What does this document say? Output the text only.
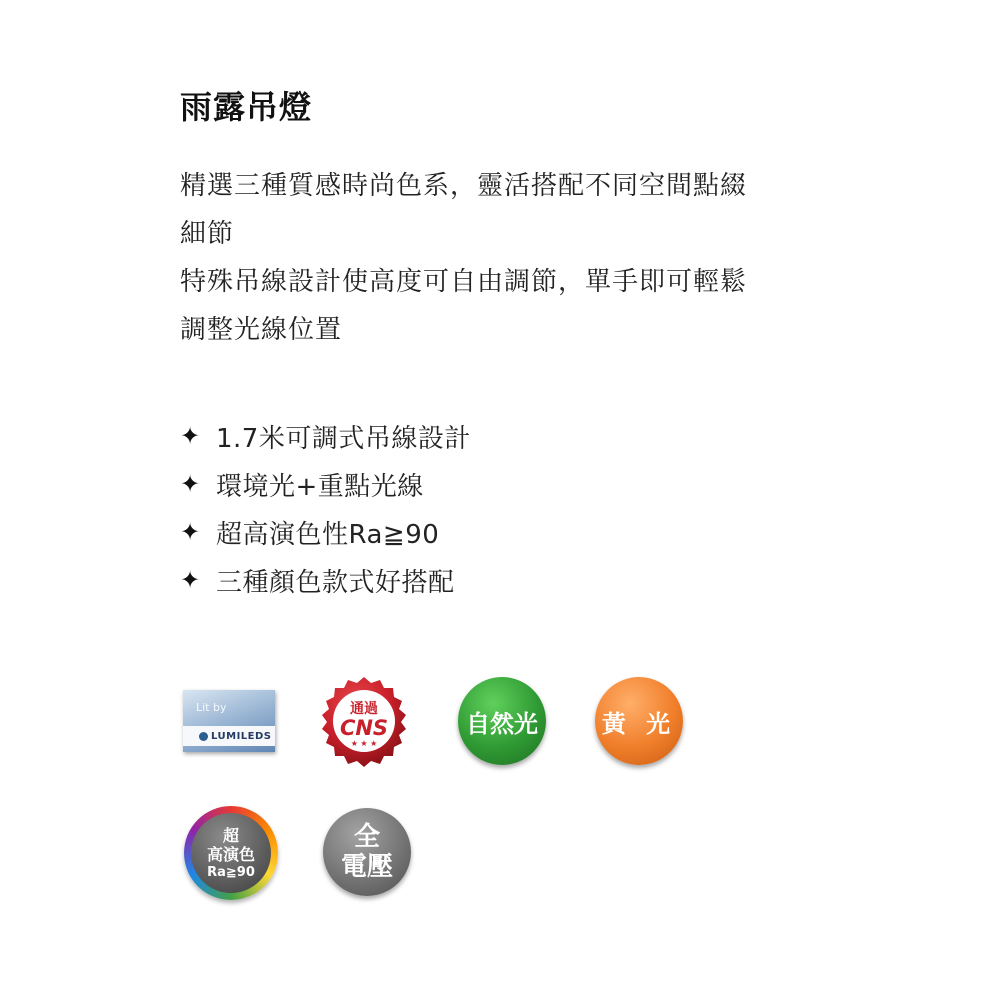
雨露吊燈

精選三種質感時尚色系，靈活搭配不同空間點綴

細節

特殊吊線設計使高度可自由調節，單手即可輕鬆

調整光線位置

✦ 1.7米可調式吊線設計
✦ 環境光+重點光線
✦ 超高演色性Ra≧90
✦ 三種顏色款式好搭配
Lit by
LUMILEDS
通過
CNS
★ ★ ★
自然光	黃 光
超
高演色
Ra≧90
全
電壓
